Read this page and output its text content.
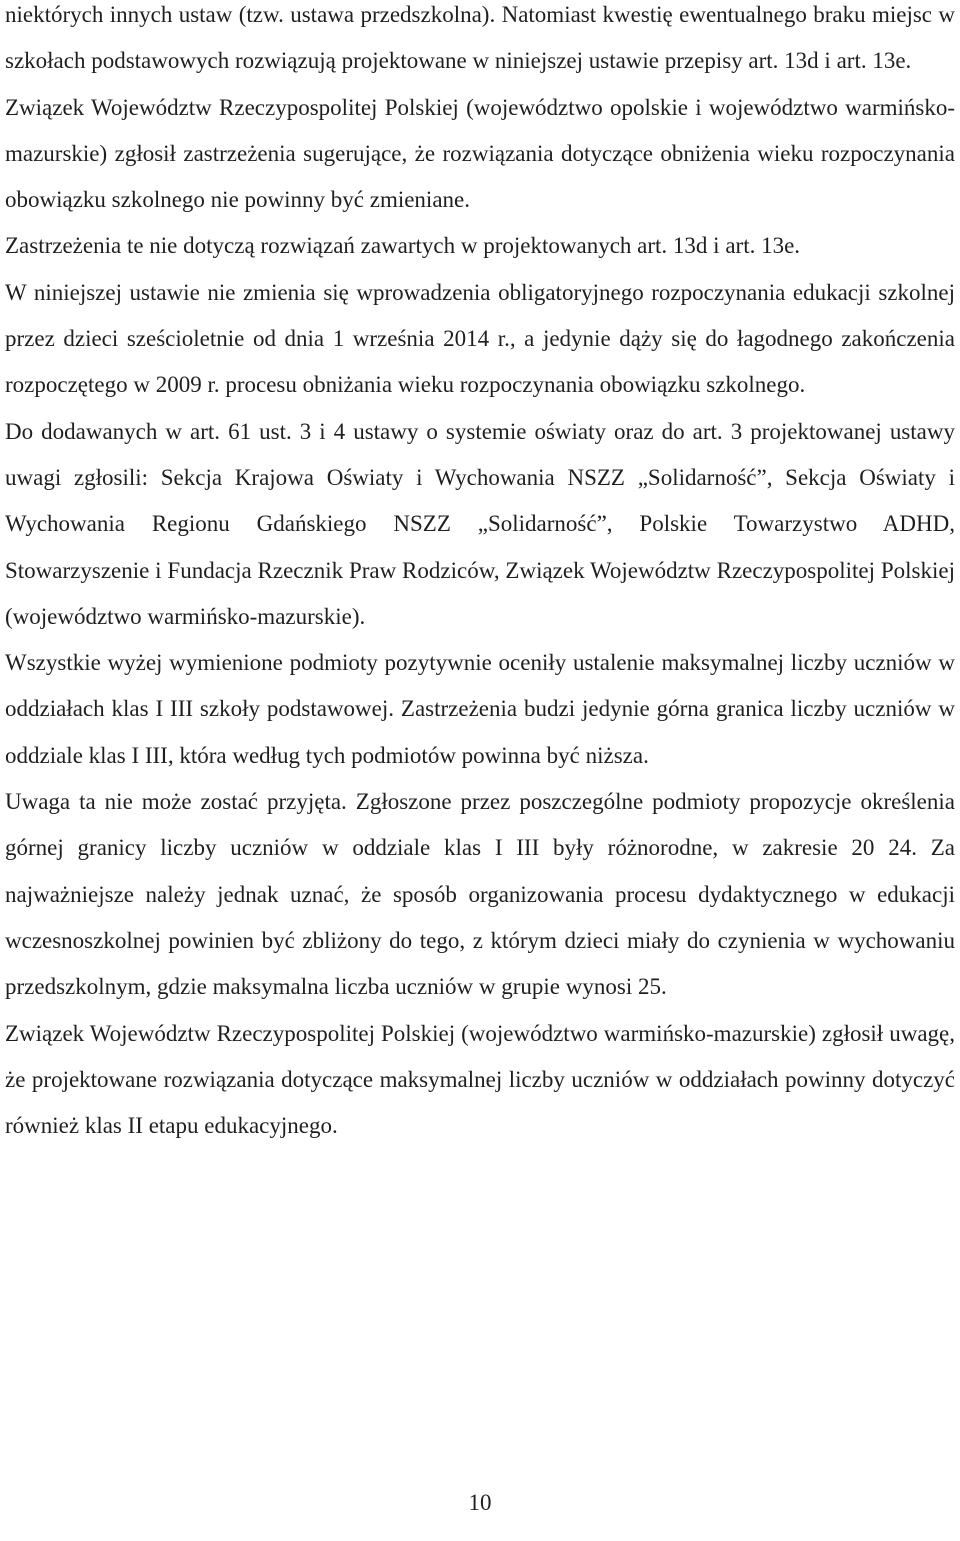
niektórych innych ustaw (tzw. ustawa przedszkolna). Natomiast kwestię ewentualnego braku miejsc w szkołach podstawowych rozwiązują projektowane w niniejszej ustawie przepisy art. 13d i art. 13e.

Związek Województw Rzeczypospolitej Polskiej (województwo opolskie i województwo warmińsko-mazurskie) zgłosił zastrzeżenia sugerujące, że rozwiązania dotyczące obniżenia wieku rozpoczynania obowiązku szkolnego nie powinny być zmieniane.

Zastrzeżenia te nie dotyczą rozwiązań zawartych w projektowanych art. 13d i art. 13e.

W niniejszej ustawie nie zmienia się wprowadzenia obligatoryjnego rozpoczynania edukacji szkolnej przez dzieci sześcioletnie od dnia 1 września 2014 r., a jedynie dąży się do łagodnego zakończenia rozpoczętego w 2009 r. procesu obniżania wieku rozpoczynania obowiązku szkolnego.

Do dodawanych w art. 61 ust. 3 i 4 ustawy o systemie oświaty oraz do art. 3 projektowanej ustawy uwagi zgłosili: Sekcja Krajowa Oświaty i Wychowania NSZZ „Solidarność”, Sekcja Oświaty i Wychowania Regionu Gdańskiego NSZZ „Solidarność”, Polskie Towarzystwo ADHD, Stowarzyszenie i Fundacja Rzecznik Praw Rodziców, Związek Województw Rzeczypospolitej Polskiej (województwo warmińsko-mazurskie).

Wszystkie wyżej wymienione podmioty pozytywnie oceniły ustalenie maksymalnej liczby uczniów w oddziałach klas I III szkoły podstawowej. Zastrzeżenia budzi jedynie górna granica liczby uczniów w oddziale klas I III, która według tych podmiotów powinna być niższa.

Uwaga ta nie może zostać przyjęta. Zgłoszone przez poszczególne podmioty propozycje określenia górnej granicy liczby uczniów w oddziale klas I III były różnorodne, w zakresie 20 24. Za najważniejsze należy jednak uznać, że sposób organizowania procesu dydaktycznego w edukacji wczesnoszkolnej powinien być zbliżony do tego, z którym dzieci miały do czynienia w wychowaniu przedszkolnym, gdzie maksymalna liczba uczniów w grupie wynosi 25.

Związek Województw Rzeczypospolitej Polskiej (województwo warmińsko-mazurskie) zgłosił uwagę, że projektowane rozwiązania dotyczące maksymalnej liczby uczniów w oddziałach powinny dotyczyć również klas II etapu edukacyjnego.

10
